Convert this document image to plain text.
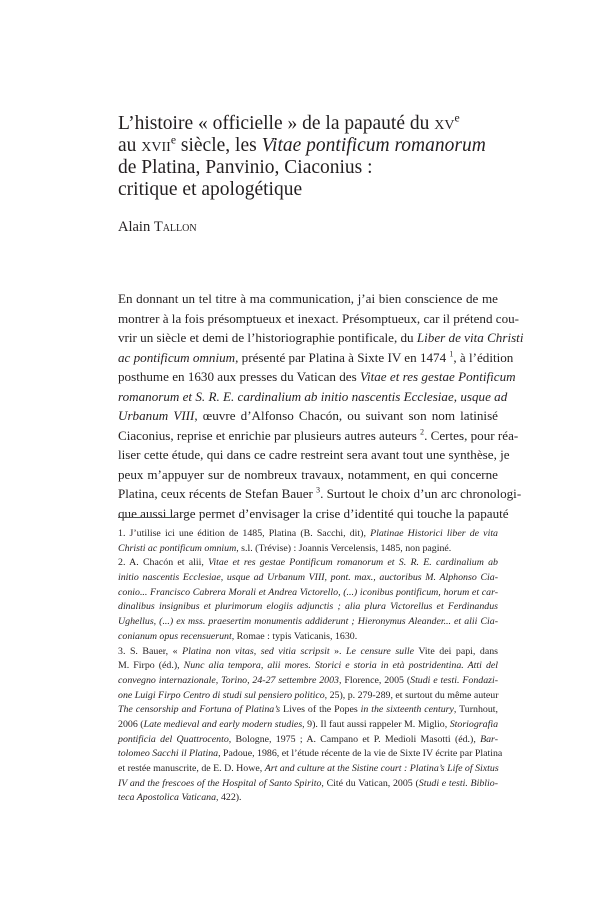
L’histoire « officielle » de la papauté du $xv^e$
au xvii$^e$ siècle, les Vitae pontificum romanorum
de Platina, Panvinio, Ciaconius :
critique et apologétique
Alain Tallon
En donnant un tel titre à ma communication, j’ai bien conscience de me
montrer à la fois présomptueux et inexact. Présomptueux, car il prétend cou-
vrir un siècle et demi de l’historiographie pontificale, du Liber de vita Christi
ac pontificum omnium, présenté par Platina à Sixte IV en 1474 $^1$, à l’édition
posthume en 1630 aux presses du Vatican des Vitae et res gestae Pontificum
romanorum et S. R. E. cardinalium ab initio nascentis Ecclesiae, usque ad
Urbanum VIII, œuvre d’Alfonso Chacón, ou suivant son nom latinisé
Ciaconius, reprise et enrichie par plusieurs autres auteurs $^2$. Certes, pour réa-
liser cette étude, qui dans ce cadre restreint sera avant tout une synthèse, je
peux m’appuyer sur de nombreux travaux, notamment, en qui concerne
Platina, ceux récents de Stefan Bauer $^3$. Surtout le choix d’un arc chronologi-
que aussi large permet d’envisager la crise d’identité qui touche la papauté
1. J’utilise ici une édition de 1485, Platina (B. Sacchi, dit), Platinae Historici liber de vita
Christi ac pontificum omnium, s.l. (Trévise) : Joannis Vercelensis, 1485, non paginé.
2. A. Chacón et alii, Vitae et res gestae Pontificum romanorum et S. R. E. cardinalium ab
initio nascentis Ecclesiae, usque ad Urbanum VIII, pont. max., auctoribus M. Alphonso Cia-
conio... Francisco Cabrera Morali et Andrea Victorello, (...) iconibus pontificum, horum et car-
dinalibus insignibus et plurimorum elogiis adjunctis ; alia plura Victorellus et Ferdinandus
Ughellus, (...) ex mss. praesertim monumentis addiderunt ; Hieronymus Aleander... et alii Cia-
conianum opus recensuerunt, Romae : typis Vaticanis, 1630.
3. S. Bauer, « Platina non vitas, sed vitia scripsit ». Le censure sulle Vite dei papi, dans
M. Firpo (éd.), Nunc alia tempora, alii mores. Storici e storia in età postridentina. Atti del
convegno internazionale, Torino, 24-27 settembre 2003, Florence, 2005 (Studi e testi. Fondazi-
one Luigi Firpo Centro di studi sul pensiero politico, 25), p. 279-289, et surtout du même auteur
The censorship and Fortuna of Platina’s Lives of the Popes in the sixteenth century, Turnhout,
2006 (Late medieval and early modern studies, 9). Il faut aussi rappeler M. Miglio, Storiografia
pontificia del Quattrocento, Bologne, 1975 ; A. Campano et P. Medioli Masotti (éd.), Bar-
tolomeo Sacchi il Platina, Padoue, 1986, et l’étude récente de la vie de Sixte IV écrite par Platina
et restée manuscrite, de E. D. Howe, Art and culture at the Sistine court : Platina’s Life of Sixtus
IV and the frescoes of the Hospital of Santo Spirito, Cité du Vatican, 2005 (Studi e testi. Biblio-
teca Apostolica Vaticana, 422).
